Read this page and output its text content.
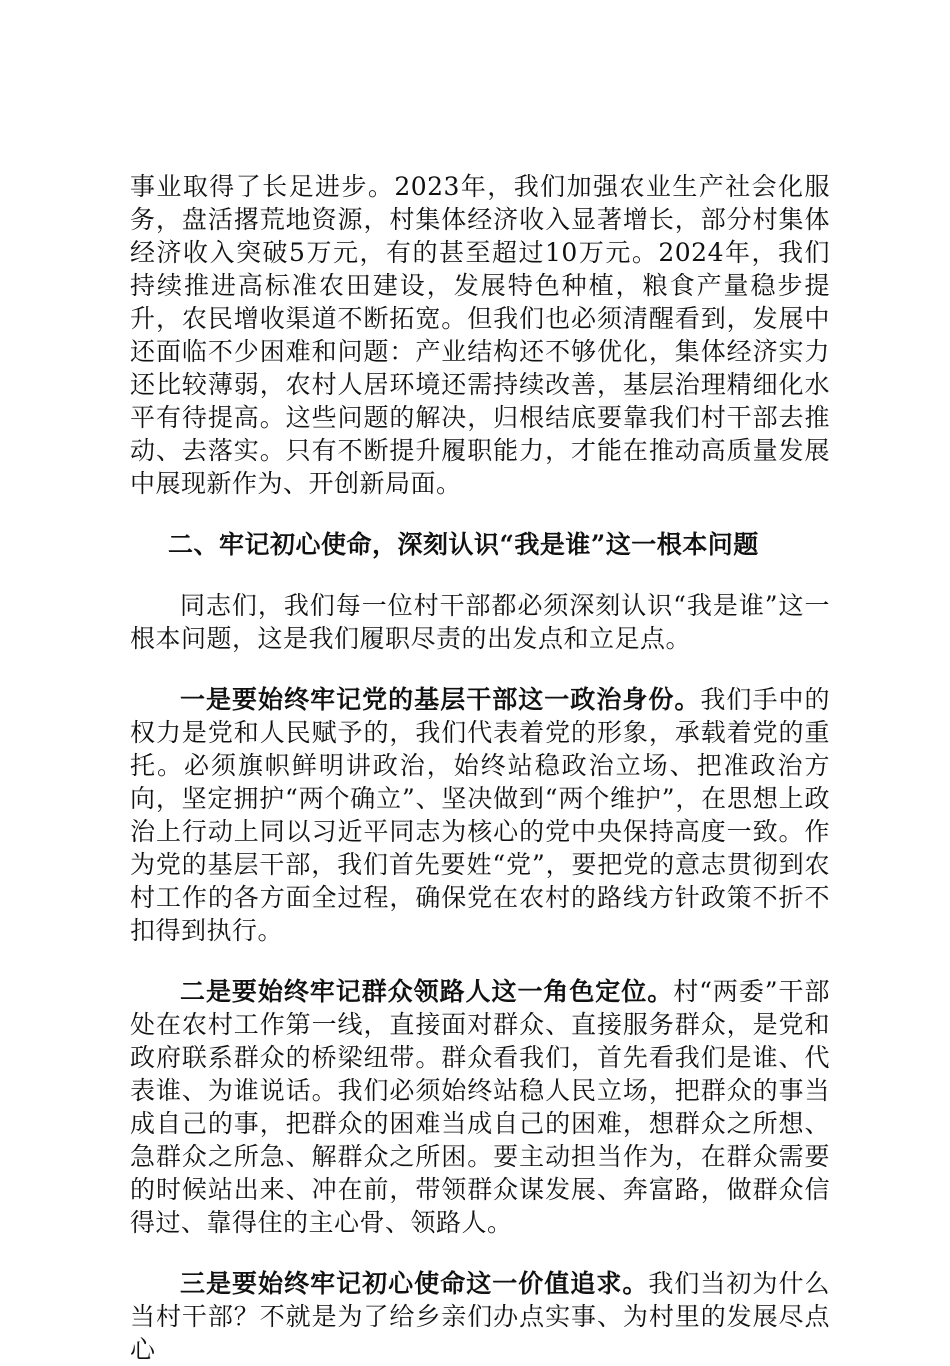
事业取得了长足进步。2023年，我们加强农业生产社会化服务，盘活撂荒地资源，村集体经济收入显著增长，部分村集体经济收入突破5万元，有的甚至超过10万元。2024年，我们持续推进高标准农田建设，发展特色种植，粮食产量稳步提升，农民增收渠道不断拓宽。但我们也必须清醒看到，发展中还面临不少困难和问题：产业结构还不够优化，集体经济实力还比较薄弱，农村人居环境还需持续改善，基层治理精细化水平有待提高。这些问题的解决，归根结底要靠我们村干部去推动、去落实。只有不断提升履职能力，才能在推动高质量发展中展现新作为、开创新局面。

二、牢记初心使命，深刻认识“我是谁”这一根本问题

同志们，我们每一位村干部都必须深刻认识“我是谁”这一根本问题，这是我们履职尽责的出发点和立足点。

一是要始终牢记党的基层干部这一政治身份。我们手中的权力是党和人民赋予的，我们代表着党的形象，承载着党的重托。必须旗帜鲜明讲政治，始终站稳政治立场、把准政治方向，坚定拥护“两个确立”、坚决做到“两个维护”，在思想上政治上行动上同以习近平同志为核心的党中央保持高度一致。作为党的基层干部，我们首先要姓“党”，要把党的意志贯彻到农村工作的各方面全过程，确保党在农村的路线方针政策不折不扣得到执行。

二是要始终牢记群众领路人这一角色定位。村“两委”干部处在农村工作第一线，直接面对群众、直接服务群众，是党和政府联系群众的桥梁纽带。群众看我们，首先看我们是谁、代表谁、为谁说话。我们必须始终站稳人民立场，把群众的事当成自己的事，把群众的困难当成自己的困难，想群众之所想、急群众之所急、解群众之所困。要主动担当作为，在群众需要的时候站出来、冲在前，带领群众谋发展、奔富路，做群众信得过、靠得住的主心骨、领路人。

三是要始终牢记初心使命这一价值追求。我们当初为什么当村干部？不就是为了给乡亲们办点实事、为村里的发展尽点心
